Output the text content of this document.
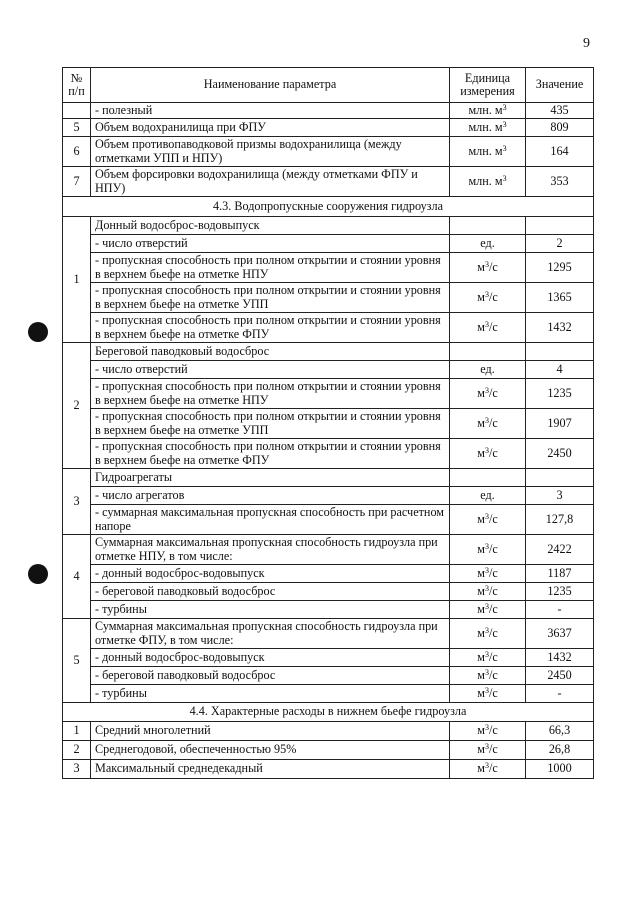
9
№ п/п	Наименование параметра	Единица измерения	Значение
	- полезный	млн. $м^3$	435
5	Объем водохранилища при ФПУ	млн. $м^3$	809
6	Объем противопаводковой призмы водохранилища (между отметками УПП и НПУ)	млн. $м^3$	164
7	Объем форсировки водохранилища (между отметками ФПУ и НПУ)	млн. $м^3$	353
4.3. Водопропускные сооружения гидроузла			
1	Донный водосброс-водовыпуск		
	- число отверстий	ед.	2
	- пропускная способность при полном открытии и стоянии уровня в верхнем бьефе на отметке НПУ	$м^3/с$	1295
	- пропускная способность при полном открытии и стоянии уровня в верхнем бьефе на отметке УПП	$м^3/с$	1365
	- пропускная способность при полном открытии и стоянии уровня в верхнем бьефе на отметке ФПУ	$м^3/с$	1432
2	Береговой паводковый водосброс		
	- число отверстий	ед.	4
	- пропускная способность при полном открытии и стоянии уровня в верхнем бьефе на отметке НПУ	$м^3/с$	1235
	- пропускная способность при полном открытии и стоянии уровня в верхнем бьефе на отметке УПП	$м^3/с$	1907
	- пропускная способность при полном открытии и стоянии уровня в верхнем бьефе на отметке ФПУ	$м^3/с$	2450
3	Гидроагрегаты		
	- число агрегатов	ед.	3
	- суммарная максимальная пропускная способность при расчетном напоре	$м^3/с$	127,8
4	Суммарная максимальная пропускная способность гидроузла при отметке НПУ, в том числе:	$м^3/с$	2422
	- донный водосброс-водовыпуск	$м^3/с$	1187
	- береговой паводковый водосброс	$м^3/с$	1235
	- турбины	$м^3/с$	-
5	Суммарная максимальная пропускная способность гидроузла при отметке ФПУ, в том числе:	$м^3/с$	3637
	- донный водосброс-водовыпуск	$м^3/с$	1432
	- береговой паводковый водосброс	$м^3/с$	2450
	- турбины	$м^3/с$	-
4.4. Характерные расходы в нижнем бьефе гидроузла			
1	Средний многолетний	$м^3/с$	66,3
2	Среднегодовой, обеспеченностью 95%	$м^3/с$	26,8
3	Максимальный среднедекадный	$м^3/с$	1000
